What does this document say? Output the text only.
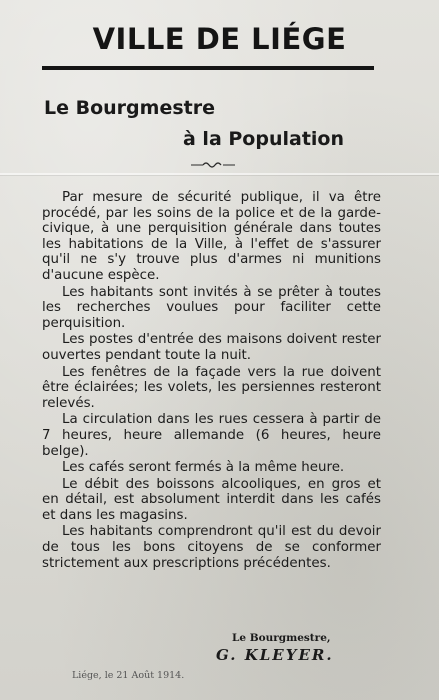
VILLE DE LIÉGE
Le Bourgmestre
à la Population

Par mesure de sécurité publique, il va être procédé, par les soins de la police et de la garde-civique, à une perquisition générale dans toutes les habitations de la Ville, à l'effet de s'assurer qu'il ne s'y trouve plus d'armes ni munitions d'aucune espèce.

Les habitants sont invités à se prêter à toutes les recherches voulues pour faciliter cette perquisition.

Les postes d'entrée des maisons doivent rester ouvertes pendant toute la nuit.

Les fenêtres de la façade vers la rue doivent être éclairées; les volets, les persiennes resteront relevés.

La circulation dans les rues cessera à partir de 7 heures, heure allemande (6 heures, heure belge).

Les cafés seront fermés à la même heure.

Le débit des boissons alcooliques, en gros et en détail, est absolument interdit dans les cafés et dans les magasins.

Les habitants comprendront qu'il est du devoir de tous les bons citoyens de se conformer strictement aux prescriptions précédentes.

Le Bourgmestre,
G. KLEYER.
Liége, le 21 Août 1914.
